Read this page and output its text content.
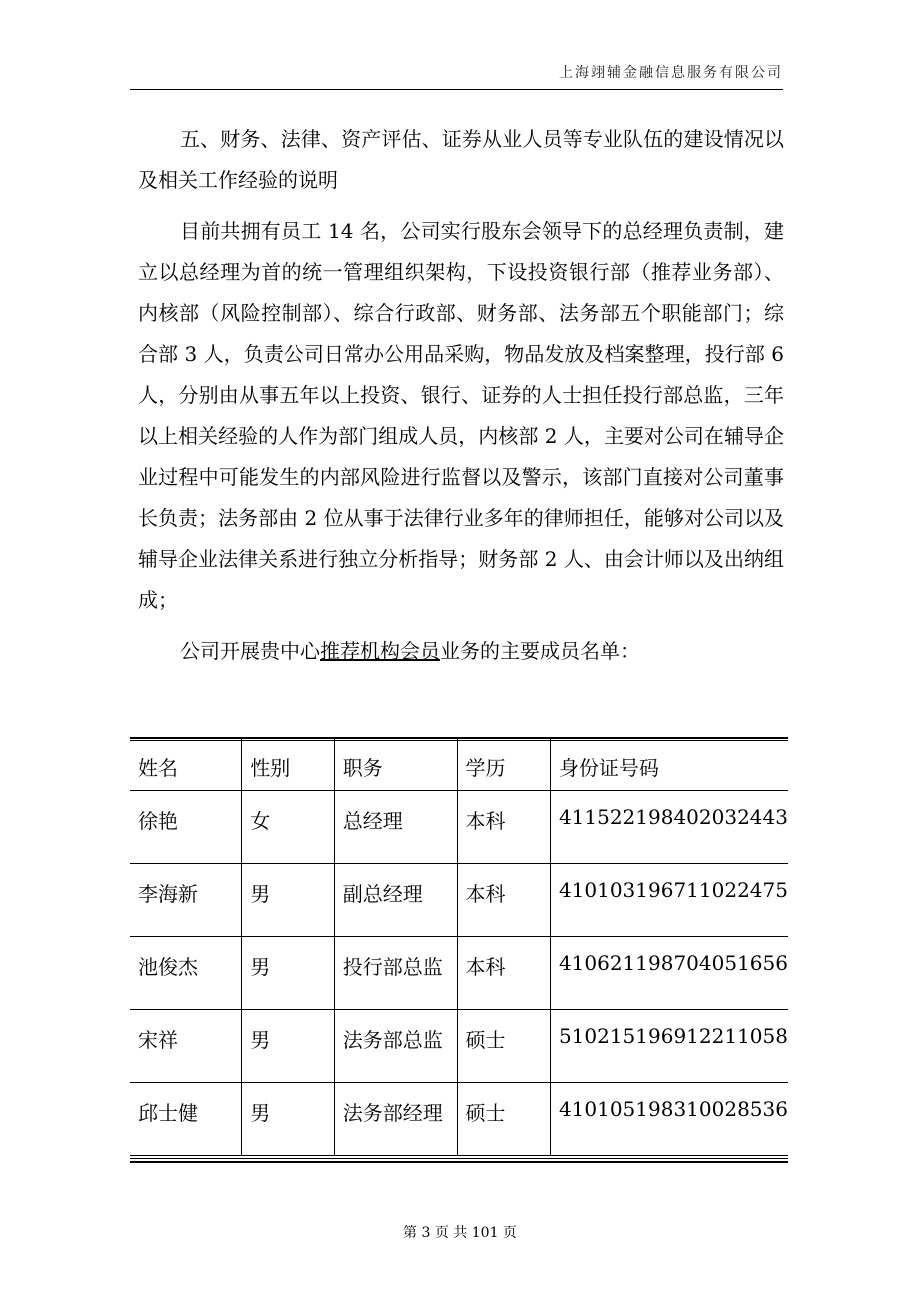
上海翊辅金融信息服务有限公司

五、财务、法律、资产评估、证券从业人员等专业队伍的建设情况以及相关工作经验的说明

目前共拥有员工 14 名，公司实行股东会领导下的总经理负责制，建立以总经理为首的统一管理组织架构，下设投资银行部（推荐业务部）、内核部（风险控制部）、综合行政部、财务部、法务部五个职能部门；综合部 3 人，负责公司日常办公用品采购，物品发放及档案整理，投行部 6 人，分别由从事五年以上投资、银行、证券的人士担任投行部总监，三年以上相关经验的人作为部门组成人员，内核部 2 人，主要对公司在辅导企业过程中可能发生的内部风险进行监督以及警示，该部门直接对公司董事长负责；法务部由 2 位从事于法律行业多年的律师担任，能够对公司以及辅导企业法律关系进行独立分析指导；财务部 2 人、由会计师以及出纳组成；

公司开展贵中心推荐机构会员业务的主要成员名单：

姓名	性别	职务	学历	身份证号码
徐艳	女	总经理	本科	411522198402032443
李海新	男	副总经理	本科	410103196711022475
池俊杰	男	投行部总监	本科	410621198704051656
宋祥	男	法务部总监	硕士	510215196912211058
邱士健	男	法务部经理	硕士	410105198310028536
第 3 页 共 101 页
